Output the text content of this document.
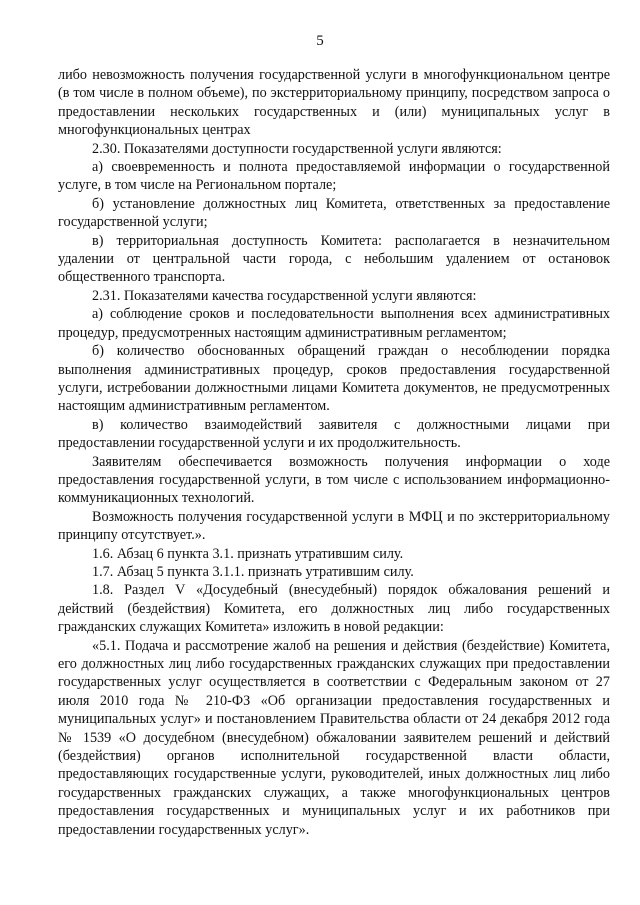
5

либо невозможность получения государственной услуги в многофункциональном центре (в том числе в полном объеме), по экстерриториальному принципу, посредством запроса о предоставлении нескольких государственных и (или) муниципальных услуг в многофункциональных центрах

2.30. Показателями доступности государственной услуги являются:

а) своевременность и полнота предоставляемой информации о государственной услуге, в том числе на Региональном портале;

б) установление должностных лиц Комитета, ответственных за предоставление государственной услуги;

в) территориальная доступность Комитета: располагается в незначительном удалении от центральной части города, с небольшим удалением от остановок общественного транспорта.

2.31. Показателями качества государственной услуги являются:

а) соблюдение сроков и последовательности выполнения всех административных процедур, предусмотренных настоящим административным регламентом;

б) количество обоснованных обращений граждан о несоблюдении порядка выполнения административных процедур, сроков предоставления государственной услуги, истребовании должностными лицами Комитета документов, не предусмотренных настоящим административным регламентом.

в) количество взаимодействий заявителя с должностными лицами при предоставлении государственной услуги и их продолжительность.

Заявителям обеспечивается возможность получения информации о ходе предоставления государственной услуги, в том числе с использованием информационно-коммуникационных технологий.

Возможность получения государственной услуги в МФЦ и по экстерриториальному принципу отсутствует.».

1.6. Абзац 6 пункта 3.1. признать утратившим силу.

1.7. Абзац 5 пункта 3.1.1. признать утратившим силу.

1.8. Раздел V «Досудебный (внесудебный) порядок обжалования решений и действий (бездействия) Комитета, его должностных лиц либо государственных гражданских служащих Комитета» изложить в новой редакции:

«5.1. Подача и рассмотрение жалоб на решения и действия (бездействие) Комитета, его должностных лиц либо государственных гражданских служащих при предоставлении государственных услуг осуществляется в соответствии с Федеральным законом от 27 июля 2010 года № 210-ФЗ «Об организации предоставления государственных и муниципальных услуг» и постановлением Правительства области от 24 декабря 2012 года № 1539 «О досудебном (внесудебном) обжаловании заявителем решений и действий (бездействия) органов исполнительной государственной власти области, предоставляющих государственные услуги, руководителей, иных должностных лиц либо государственных гражданских служащих, а также многофункциональных центров предоставления государственных и муниципальных услуг и их работников при предоставлении государственных услуг».
